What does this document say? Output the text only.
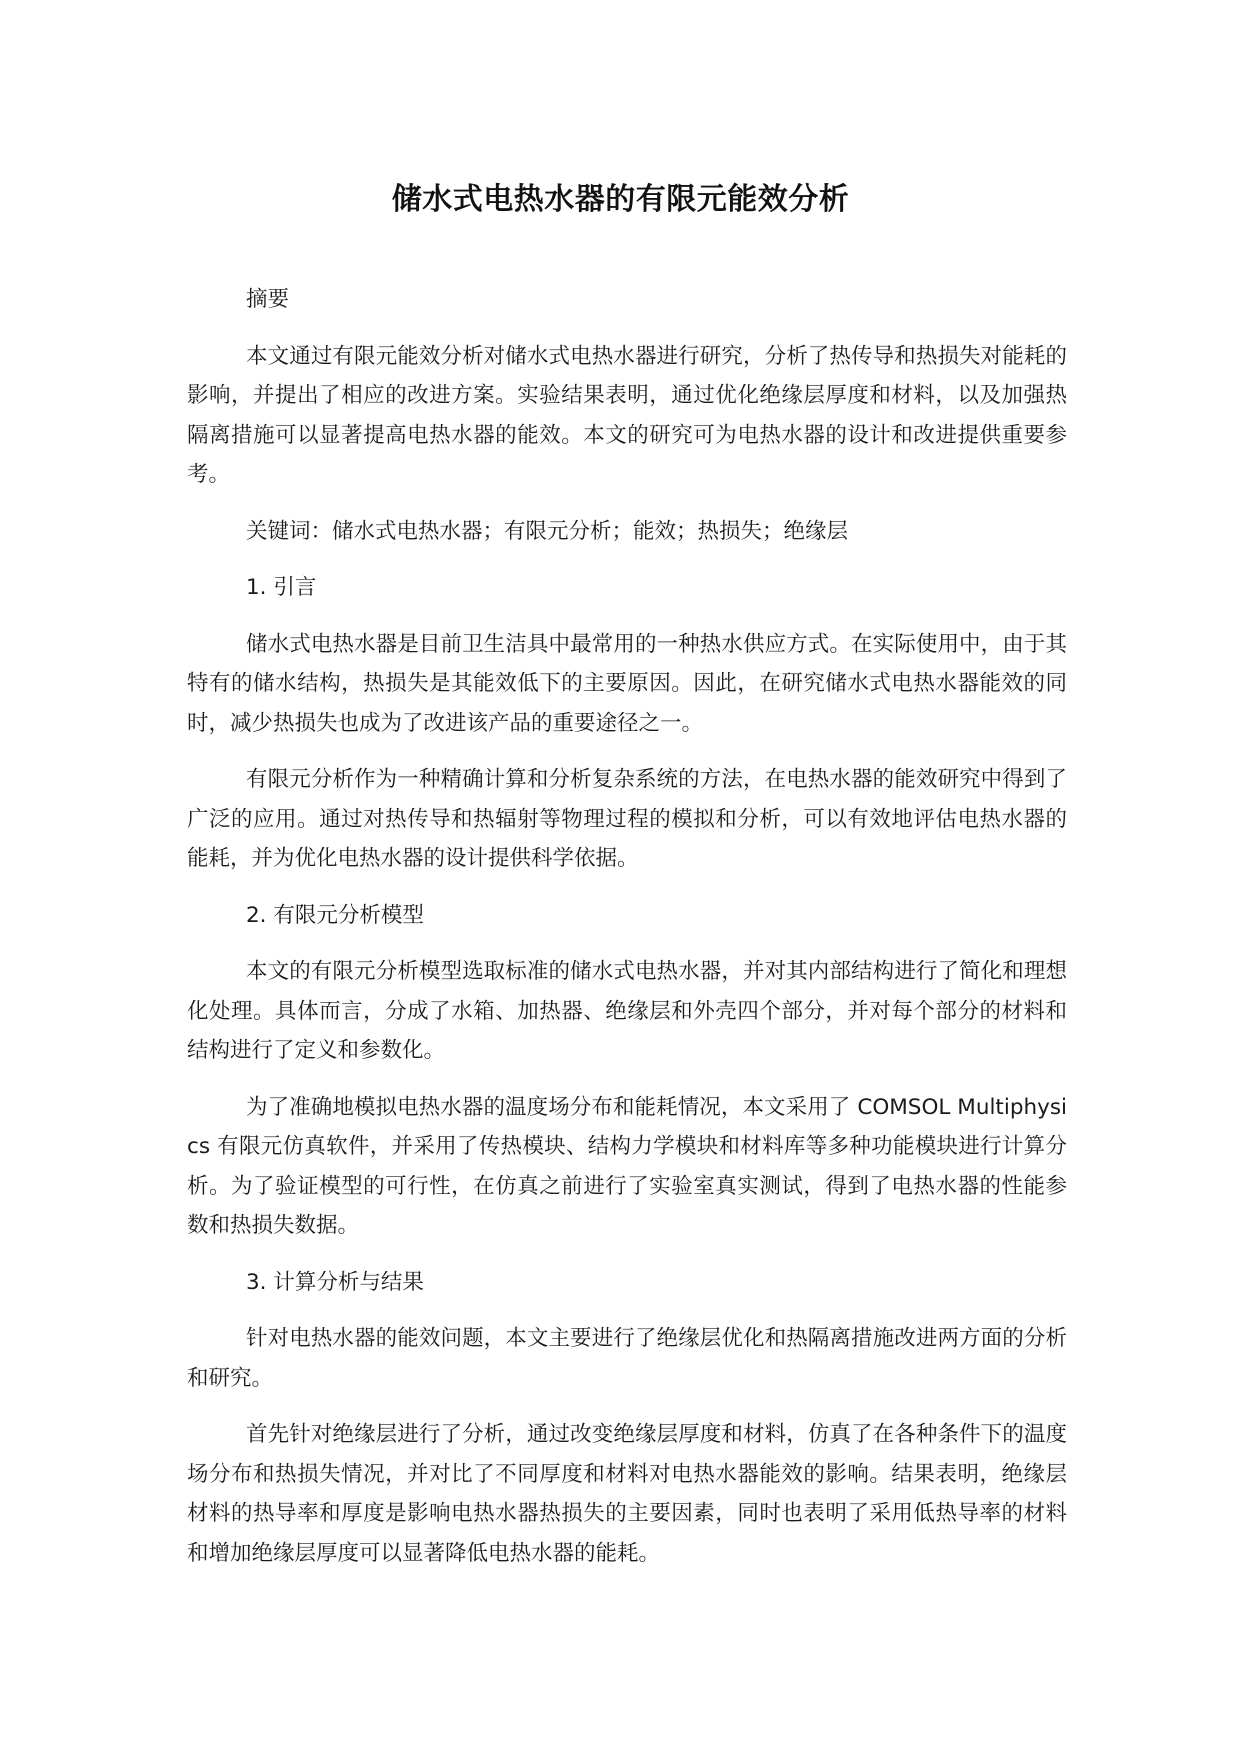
储水式电热水器的有限元能效分析

摘要

本文通过有限元能效分析对储水式电热水器进行研究，分析了热传导和热损失对能耗的影响，并提出了相应的改进方案。实验结果表明，通过优化绝缘层厚度和材料，以及加强热隔离措施可以显著提高电热水器的能效。本文的研究可为电热水器的设计和改进提供重要参考。

关键词：储水式电热水器；有限元分析；能效；热损失；绝缘层

1. 引言

储水式电热水器是目前卫生洁具中最常用的一种热水供应方式。在实际使用中，由于其特有的储水结构，热损失是其能效低下的主要原因。因此，在研究储水式电热水器能效的同时，减少热损失也成为了改进该产品的重要途径之一。

有限元分析作为一种精确计算和分析复杂系统的方法，在电热水器的能效研究中得到了广泛的应用。通过对热传导和热辐射等物理过程的模拟和分析，可以有效地评估电热水器的能耗，并为优化电热水器的设计提供科学依据。

2. 有限元分析模型

本文的有限元分析模型选取标准的储水式电热水器，并对其内部结构进行了简化和理想化处理。具体而言，分成了水箱、加热器、绝缘层和外壳四个部分，并对每个部分的材料和结构进行了定义和参数化。

为了准确地模拟电热水器的温度场分布和能耗情况，本文采用了 COMSOL Multiphysics 有限元仿真软件，并采用了传热模块、结构力学模块和材料库等多种功能模块进行计算分析。为了验证模型的可行性，在仿真之前进行了实验室真实测试，得到了电热水器的性能参数和热损失数据。

3. 计算分析与结果

针对电热水器的能效问题，本文主要进行了绝缘层优化和热隔离措施改进两方面的分析和研究。

首先针对绝缘层进行了分析，通过改变绝缘层厚度和材料，仿真了在各种条件下的温度场分布和热损失情况，并对比了不同厚度和材料对电热水器能效的影响。结果表明，绝缘层材料的热导率和厚度是影响电热水器热损失的主要因素，同时也表明了采用低热导率的材料和增加绝缘层厚度可以显著降低电热水器的能耗。
